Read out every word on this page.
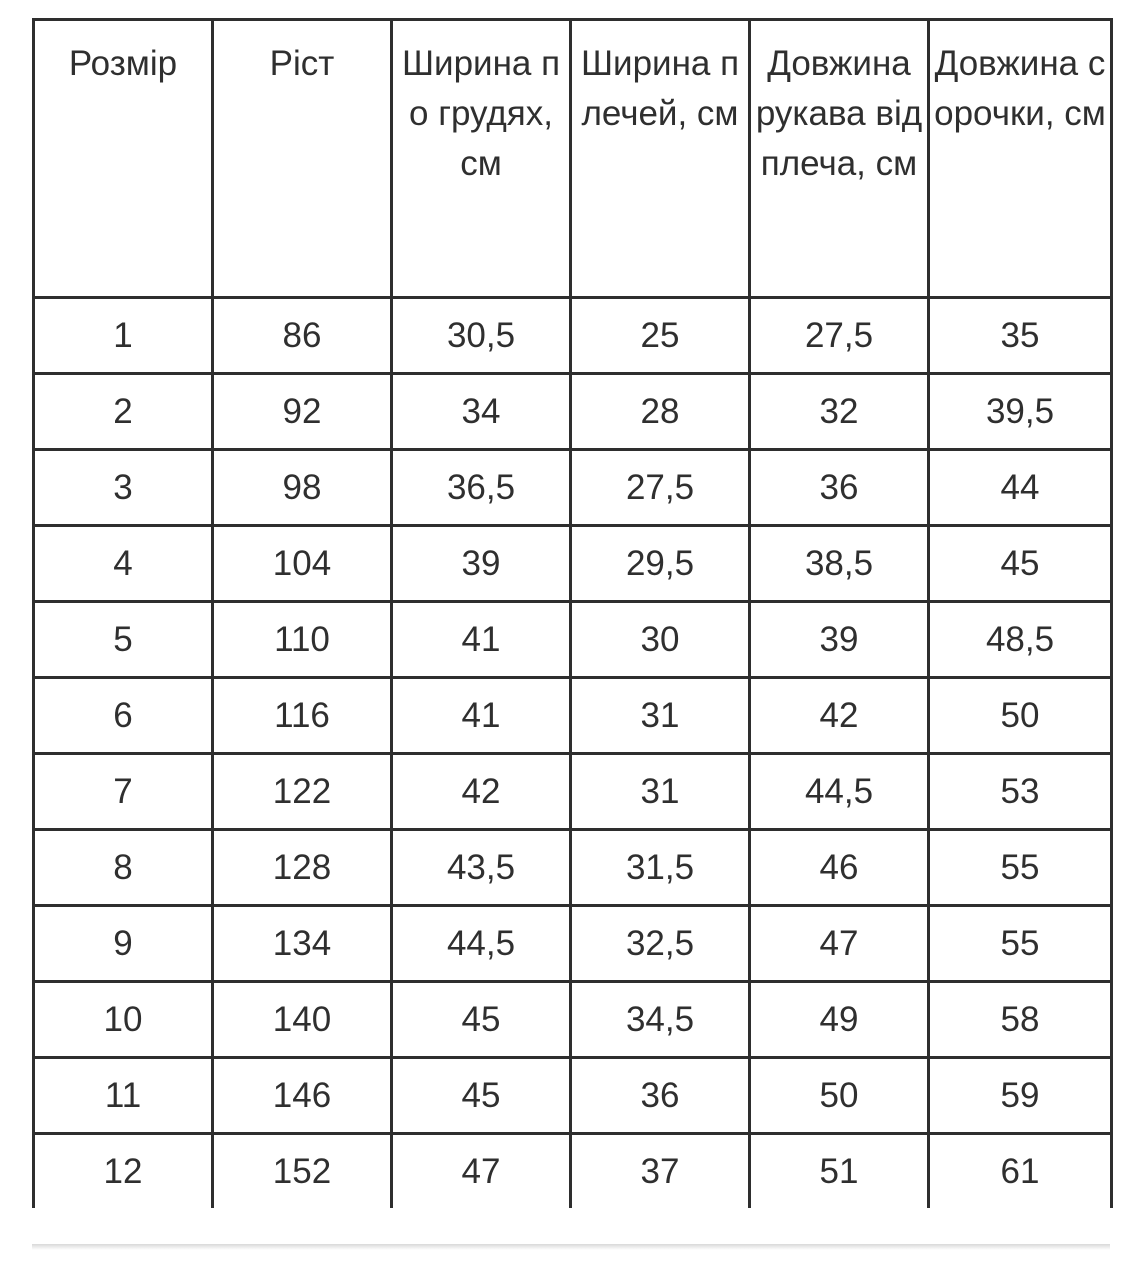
Розмір	Ріст	Ширина по грудях, см	Ширина плечей, см	Довжина рукава від плеча, см	Довжина сорочки, см
1	86	30,5	25	27,5	35
2	92	34	28	32	39,5
3	98	36,5	27,5	36	44
4	104	39	29,5	38,5	45
5	110	41	30	39	48,5
6	116	41	31	42	50
7	122	42	31	44,5	53
8	128	43,5	31,5	46	55
9	134	44,5	32,5	47	55
10	140	45	34,5	49	58
11	146	45	36	50	59
12	152	47	37	51	61
